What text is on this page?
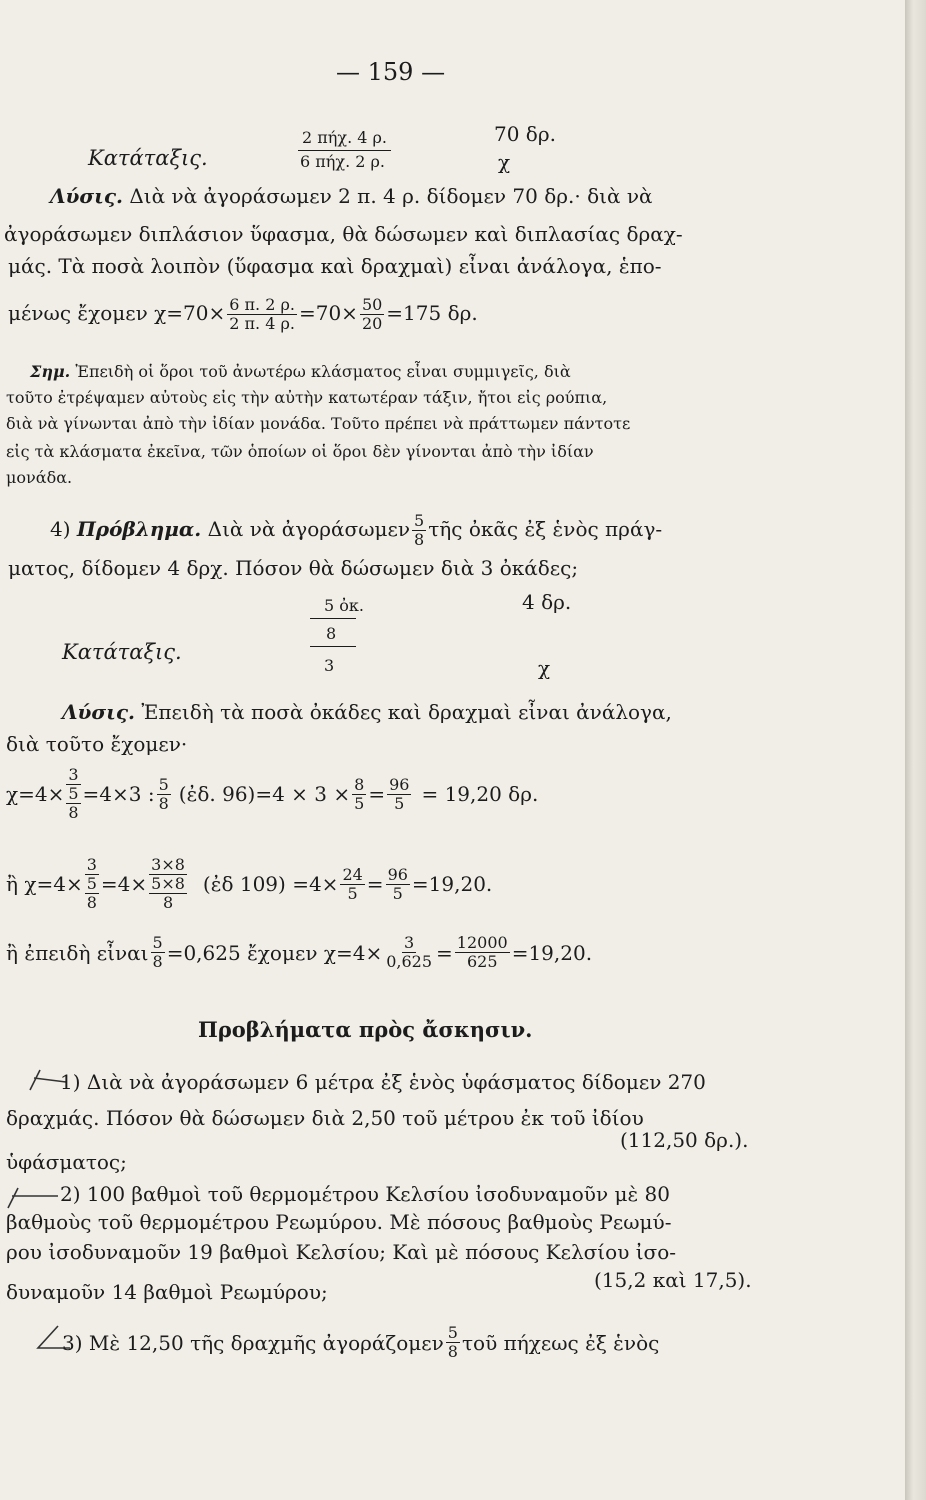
— 159 —
Κατάταξις.
2 πήχ. 4 ρ.
6 πήχ. 2 ρ.
70 δρ.
χ
Λύσις. Διὰ νὰ ἀγοράσωμεν 2 π. 4 ρ. δίδομεν 70 δρ.· διὰ νὰ
ἀγοράσωμεν διπλάσιον ὕφασμα, θὰ δώσωμεν καὶ διπλασίας δραχ-
μάς. Τὰ ποσὰ λοιπὸν (ὕφασμα καὶ δραχμαὶ) εἶναι ἀνάλογα, ἑπο-
μένως ἔχομεν $\chi=70\times \frac{6 \pi. 2 \rho.}{2 \pi. 4 \rho.} =70\times \frac{50}{20} =175$ δρ.
Σημ. Ἐπειδὴ οἱ ὅροι τοῦ ἀνωτέρω κλάσματος εἶναι συμμιγεῖς, διὰ
τοῦτο ἐτρέψαμεν αὐτοὺς εἰς τὴν αὐτὴν κατωτέραν τάξιν, ἤτοι εἰς ρούπια,
διὰ νὰ γίνωνται ἀπὸ τὴν ἰδίαν μονάδα. Τοῦτο πρέπει νὰ πράττωμεν πάντοτε
εἰς τὰ κλάσματα ἐκεῖνα, τῶν ὁποίων οἱ ὅροι δὲν γίνονται ἀπὸ τὴν ἰδίαν
μονάδα.
4) Πρόβλημα. Διὰ νὰ ἀγοράσωμεν $\frac{5}{8}$ τῆς ὀκᾶς ἐξ ἑνὸς πράγ-
ματος, δίδομεν 4 δρχ. Πόσον θὰ δώσωμεν διὰ 3 ὀκάδες;
5 ὀκ.
8
4 δρ.
Κατάταξις.
3	χ
Λύσις. Ἐπειδὴ τὰ ποσὰ ὀκάδες καὶ δραχμαὶ εἶναι ἀνάλογα,
διὰ τοῦτο ἔχομεν·
χ=4×
3
5
8
=4×3 : $\frac{5}{8}$ (ἐδ. $96)=4 \times 3 \times \frac{8}{5} = \frac{96}{5} = 19,20$ δρ.
ἢ χ=4×
3
5
8
=4×
3×8
5×8
8
(ἐδ $109) =4\times \frac{24}{5} = \frac{96}{5} =19,20$.
ἢ ἐπειδὴ εἶναι $\frac{5}{8} =0,625$ ἔχομεν $\chi=4\times \frac{3}{0,625} = \frac{12000}{625} =19,20$.
Προβλήματα πρὸς ἄσκησιν.
1) Διὰ νὰ ἀγοράσωμεν 6 μέτρα ἐξ ἑνὸς ὑφάσματος δίδομεν 270
δραχμάς. Πόσον θὰ δώσωμεν διὰ 2,50 τοῦ μέτρου ἐκ τοῦ ἰδίου
(112,50 δρ.).
ὑφάσματος;
2) 100 βαθμοὶ τοῦ θερμομέτρου Κελσίου ἰσοδυναμοῦν μὲ 80
βαθμοὺς τοῦ θερμομέτρου Ρεωμύρου. Μὲ πόσους βαθμοὺς Ρεωμύ-
ρου ἰσοδυναμοῦν 19 βαθμοὶ Κελσίου; Καὶ μὲ πόσους Κελσίου ἰσο-
(15,2 καὶ 17,5).
δυναμοῦν 14 βαθμοὶ Ρεωμύρου;
3) Μὲ 12,50 τῆς δραχμῆς ἀγοράζομεν $\frac{5}{8}$ τοῦ πήχεως ἐξ ἑνὸς
